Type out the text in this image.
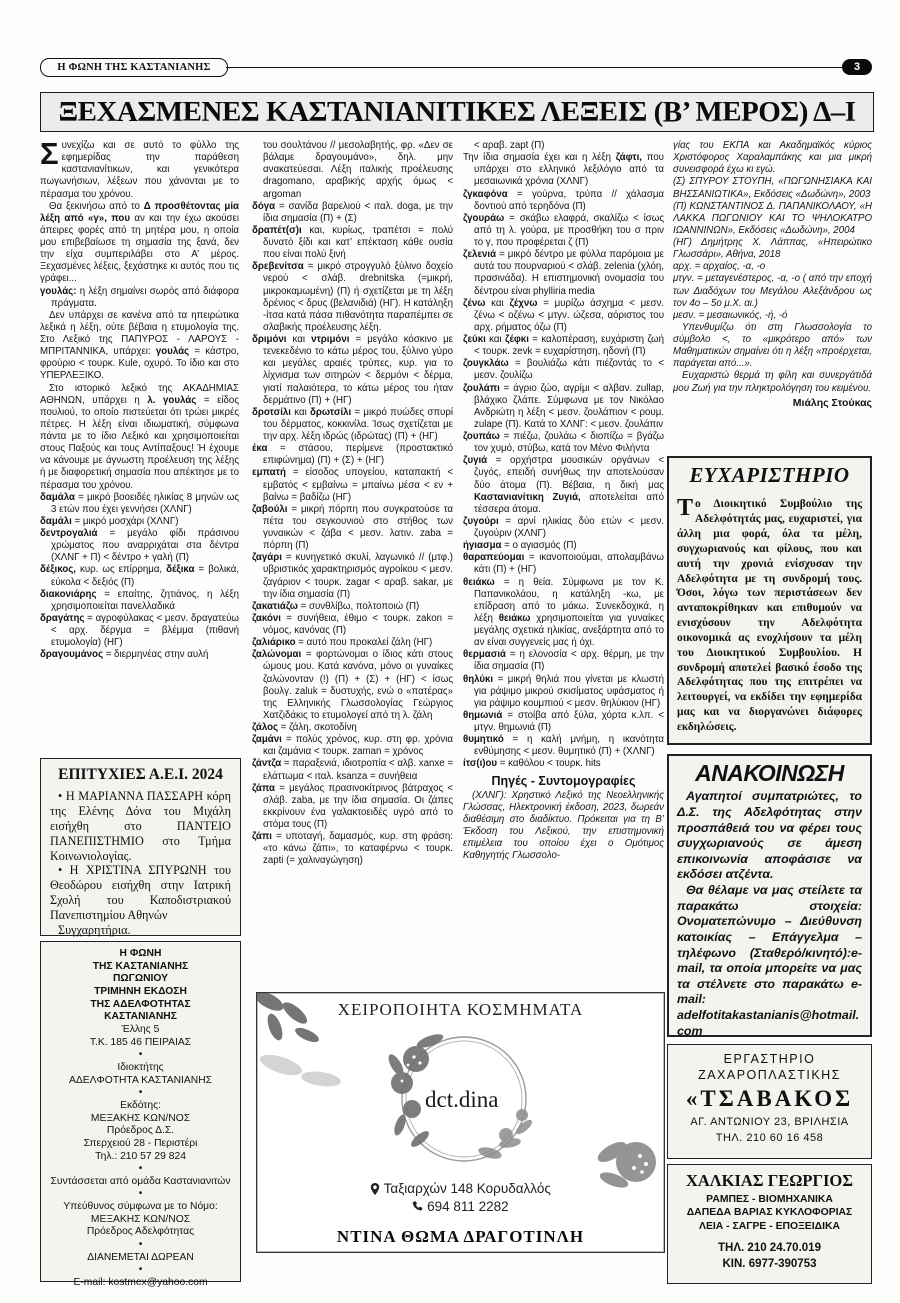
Η ΦΩΝΗ ΤΗΣ ΚΑΣΤΑΝΙΑΝΗΣ	3
ΞΕΧΑΣΜΕΝΕΣ ΚΑΣΤΑΝΙΑΝΙΤΙΚΕΣ ΛΕΞΕΙΣ (Β’ ΜΕΡΟΣ) Δ–Ι

Συνεχίζω και σε αυτό το φύλλο της εφημερίδας την παράθεση καστανιανίτικων, και γενικότερα πωγωνήσιων, λέξεων που χάνονται με το πέρασμα του χρόνου.

Θα ξεκινήσω από το Δ προσθέτοντας μία λέξη από «γ», που αν και την έχω ακούσει άπειρες φορές από τη μητέρα μου, η οποία μου επιβεβαίωσε τη σημασία της ξανά, δεν την είχα συμπεριλάβει στο Α’ μέρος. Ξεχασμένες λέξεις, ξεχάστηκε κι αυτός που τις γράφει...

γουλάς: η λέξη σημαίνει σωρός από διάφορα πράγματα.

Δεν υπάρχει σε κανένα από τα ηπειρώτικα λεξικά η λέξη, ούτε βέβαια η ετυμολογία της. Στο Λεξικό της ΠΑΠΥΡΟΣ - ΛΑΡΟΥΣ - ΜΠΡΙΤΑΝΝΙΚΑ, υπάρχει: γουλάς = κάστρο, φρούριο < τουρκ. Kule, οχυρό. Το ίδιο και στο ΥΠΕΡΛΕΞΙΚΟ.

Στο ιστορικό λεξικό της ΑΚΑΔΗΜΙΑΣ ΑΘΗΝΩΝ, υπάρχει η λ. γουλάς = είδος πουλιού, το οποίο πιστεύεται ότι τρώει μικρές πέτρες. Η λέξη είναι ιδιωματική, σύμφωνα πάντα με το ίδιο Λεξικό και χρησιμοποιείται στους Παξούς και τους Αντίπαξους! Ή έχουμε να κάνουμε με άγνωστη προέλευση της λέξης ή με διαφορετική σημασία που απέκτησε με το πέρασμα του χρόνου.

δαμάλα = μικρό βοοειδές ηλικίας 8 μηνών ως 3 ετών που έχει γεννήσει (ΧΛΝΓ)

δαμάλι = μικρό μοσχάρι (ΧΛΝΓ)

δεντρογαλιά = μεγάλο φίδι πράσινου χρώματος που αναρριχάται στα δέντρα (ΧΛΝΓ + Π) < δέντρο + γαλή (Π)

δέξικος, κυρ. ως επίρρημα, δέξικα = βολικά, εύκολα < δεξιός (Π)

διακονιάρης = επαίτης, ζητιάνος, η λέξη χρησιμοποιείται πανελλαδικά

δραγάτης = αγροφύλακας < μεσν. δραγατεύω < αρχ. δέργμα = βλέμμα (πιθανή ετυμολογία) (ΗΓ)

δραγουμάνος = διερμηνέας στην αυλή

του σουλτάνου // μεσολαβητής, φρ. «Δεν σε βάλαμε δραγουμάνο», δηλ. μην ανακατεύεσαι. Λέξη ιταλικής προέλευσης dragomano, αραβικής αρχής όμως < argoman

δόγα = σανίδα βαρελιού < ιταλ. doga, με την ίδια σημασία (Π) + (Σ)

δραπέτ(σ)ι και, κυρίως, τραπέτσι = πολύ δυνατό ξίδι και κατ’ επέκταση κάθε ουσία που είναι πολύ ξινή

δρεβενίτσα = μικρό στρογγυλό ξύλινο δοχείο νερού < σλάβ. drebnitska (=μικρή, μικροκαμωμένη) (Π) ή σχετίζεται με τη λέξη δρένιος < δρυς (βελανιδιά) (ΗΓ). Η κατάληξη -ίτσα κατά πάσα πιθανότητα παραπέμπει σε σλαβικής προέλευσης λέξη.

δριμόνι και ντριμόνι = μεγάλο κόσκινο με τενεκεδένιο το κάτω μέρος του, ξύλινο γύρο και μεγάλες αραιές τρύπες, κυρ. για το λίχνισμα των σιτηρών < δερμόνι < δέρμα, γιατί παλαιότερα, το κάτω μέρος του ήταν δερμάτινο (Π) + (ΗΓ)

δροτσίλι και δρωτσίλι = μικρό πυώδες σπυρί του δέρματος, κοκκινίλα. Ίσως σχετίζεται με την αρχ. λέξη ιδρώς (ιδρώτας) (Π) + (ΗΓ)

έκα = στάσου, περίμενε (προστακτικό επιφώνημα) (Π) + (Σ) + (ΗΓ)

εμπατή = είσοδος υπογείου, καταπακτή < εμβατός < εμβαίνω = μπαίνω μέσα < εν + βαίνω = βαδίζω (ΗΓ)

ζαβούλι = μικρή πόρπη που συγκρατούσε τα πέτα του σεγκουνιού στο στήθος των γυναικών < ζάβα < μεσν. λατιν. zaba = πόρπη (Π)

ζαγάρι = κυνηγετικό σκυλί, λαγωνικό // (μτφ.) υβριστικός χαρακτηρισμός αγροίκου < μεσν. ζαγάριον < τουρκ. zagar < αραβ. sakar, με την ίδια σημασία (Π)

ζακατιάζω = συνθλίβω, πολτοποιώ (Π)

ζακόνι = συνήθεια, έθιμο < τουρκ. zakon = νόμος, κανόνας (Π)

ζαλιάρικο = αυτό που προκαλεί ζάλη (ΗΓ)

ζαλώνομαι = φορτώνομαι ο ίδιος κάτι στους ώμους μου. Κατά κανόνα, μόνο οι γυναίκες ζαλώνονταν (!) (Π) + (Σ) + (ΗΓ) < ίσως βουλγ. zaluk = δυστυχής, ενώ ο «πατέρας» της Ελληνικής Γλωσσολογίας Γεώργιος Χατζιδάκις το ετυμολογεί από τη λ. ζάλη

ζάλος = ζάλη, σκοτοδίνη

ζαμάνι = πολύς χρόνος, κυρ. στη φρ. χρόνια και ζαμάνια < τουρκ. zaman = χρόνος

ζάντζα = παραξενιά, ιδιοτροπία < αλβ. xanxe = ελάττωμα < ιταλ. ksanza = συνήθεια

ζάπα = μεγάλος πρασινοκίτρινος βάτραχος < σλάβ. zaba, με την ίδια σημασία. Οι ζάπες εκκρίνουν ένα γαλακτοειδές υγρό από το στόμα τους (Π)

ζάπι = υποταγή, δαμασμός, κυρ. στη φράση: «το κάνω ζάπι», το καταφέρνω < τουρκ. zapti (= χαλιναγώγηση)

< αραβ. zapt (Π)

Την ίδια σημασία έχει και η λέξη ζάφτι, που υπάρχει στο ελληνικό λεξιλόγιο από τα μεσαιωνικά χρόνια (ΧΛΝΓ)

ζγκαφόνα = γούρνα, τρύπα // χάλασμα δοντιού από τερηδόνα (Π)

ζγουράω = σκάβω ελαφρά, σκαλίζω < ίσως από τη λ. γούρα, με προσθήκη του σ πριν το γ, που προφέρεται ζ (Π)

ζελενιά = μικρό δέντρο με φύλλα παρόμοια με αυτά του πουρναριού < σλάβ. zelenia (χλόη, πρασινάδα). Η επιστημονική ονομασία του δέντρου είναι phylliria media

ζένω και ζέχνω = μυρίζω άσχημα < μεσν. ζένω < οζένω < μτγν. ώζεσα, αόριστος του αρχ. ρήματος όζω (Π)

ζεύκι και ζέφκι = καλοπέραση, ευχάριστη ζωή < τουρκ. zevk = ευχαρίστηση, ηδονή (Π)

ζουγκλάω = βουλιάζω κάτι πιέζοντάς το < μεσν. ζουλίζω

ζουλάπι = άγριο ζώο, αγρίμι < αλβαν. zullap, βλάχικο ζλάπε. Σύμφωνα με τον Νικόλαο Ανδριώτη η λέξη < μεσν. ζουλάπιον < ρουμ. zulape (Π). Κατά το ΧΛΝΓ: < μεσν. ζουλάπιν

ζουπάω = πιέζω, ζουλάω < διοπίζω = βγάζω τον χυμό, στύβω, κατά τον Μένο Φιλήντα

ζυγιά = ορχήστρα μουσικών οργάνων < ζυγός, επειδή συνήθως την αποτελούσαν δύο άτομα (Π). Βέβαια, η δική μας Καστανιανίτικη Ζυγιά, αποτελείται από τέσσερα άτομα.

ζυγούρι = αρνί ηλικίας δύο ετών < μεσν. ζυγούριν (ΧΛΝΓ)

ήγιασμα = ο αγιασμός (Π)

θαραπεύομαι = ικανοποιούμαι, απολαμβάνω κάτι (Π) + (ΗΓ)

θειάκω = η θεία. Σύμφωνα με τον Κ. Παπανικολάου, η κατάληξη -κω, με επίδραση από το μάκω. Συνεκδοχικά, η λέξη θειάκω χρησιμοποιείται για γυναίκες μεγάλης σχετικά ηλικίας, ανεξάρτητα από το αν είναι συγγενείς μας ή όχι.

θερμασιά = η ελονοσία < αρχ. θέρμη, με την ίδια σημασία (Π)

θηλύκι = μικρή θηλιά που γίνεται με κλωστή για ράψιμο μικρού σκισίματος υφάσματος ή για ράψιμο κουμπιού < μεσν. θηλύκιον (ΗΓ)

θημωνιά = στοίβα από ξύλα, χόρτα κ.λπ. < μτγν. θημωνιά (Π)

θυμητικό = η καλή μνήμη, η ικανότητα ενθύμησης < μεσν. θυμητικό (Π) + (ΧΛΝΓ)

ίτσ(ι)ου = καθόλου < τουρκ. hits

Πηγές - Συντομογραφίες

(ΧΛΝΓ): Χρηστικό Λεξικό της Νεοελληνικής Γλώσσας, Ηλεκτρονική έκδοση, 2023, δωρεάν διαθέσιμη στο διαδίκτυο. Πρόκειται για τη Β’ Έκδοση του Λεξικού, την επιστημονική επιμέλεια του οποίου έχει ο Ομότιμος Καθηγητής Γλωσσολο-

γίας του ΕΚΠΑ και Ακαδημαϊκός κύριος Χριστόφορος Χαραλαμπάκης και μια μικρή συνεισφορά έχω κι εγώ.

(Σ) ΣΠΥΡΟΥ ΣΤΟΥΠΗ, «ΠΩΓΩΝΗΣΙΑΚΑ ΚΑΙ ΒΗΣΣΑΝΙΩΤΙΚΑ», Εκδόσεις «Δωδώνη», 2003

(Π) ΚΩΝΣΤΑΝΤΙΝΟΣ Δ. ΠΑΠΑΝΙΚΟΛΑΟΥ, «Η ΛΑΚΚΑ ΠΩΓΩΝΙΟΥ ΚΑΙ ΤΟ ΨΗΛΟΚΑΤΡΟ ΙΩΑΝΝΙΝΩΝ», Εκδόσεις «Δωδώνη», 2004

(ΗΓ) Δημήτρης Χ. Λάππας, «Ηπειρώτικο Γλωσσάρι», Αθήνα, 2018

αρχ. = αρχαίος, -α, -ο

μτγν. = μεταγενέστερος, -α, -ο ( από την εποχή των Διαδόχων του Μεγάλου Αλεξάνδρου ως τον 4ο – 5ο μ.Χ. αι.)

μεσν. = μεσαιωνικός, -ή, -ό

Υπενθυμίζω ότι στη Γλωσσολογία το σύμβολο <, το «μικρότερο από» των Μαθηματικών σημαίνει ότι η λέξη «προέρχεται, παράγεται από...».

Ευχαριστώ θερμά τη φίλη και συνεργάτιδά μου Ζωή για την πληκτρολόγηση του κειμένου.

Μιάλης Στούκας

ΕΠΙΤΥΧΙΕΣ Α.Ε.Ι. 2024

• Η ΜΑΡΙΑΝΝΑ ΠΑΣΣΑΡΗ κόρη της Ελένης Δόνα του Μιχάλη εισήχθη στο ΠΑΝΤΕΙΟ ΠΑΝΕΠΙΣΤΗΜΙΟ στο Τμήμα Κοινωνιολογίας.

• Η ΧΡΙΣΤΙΝΑ ΣΠΥΡΩΝΗ του Θεοδώρου εισήχθη στην Ιατρική Σχολή του Καποδιστριακού Πανεπιστημίου Αθηνών

Συγχαρητήρια.

Η ΦΩΝΗ

ΤΗΣ ΚΑΣΤΑΝΙΑΝΗΣ

ΠΩΓΩΝΙΟΥ

ΤΡΙΜΗΝΗ ΕΚΔΟΣΗ

ΤΗΣ ΑΔΕΛΦΟΤΗΤΑΣ

ΚΑΣΤΑΝΙΑΝΗΣ

Έλλης 5

Τ.Κ. 185 46 ΠΕΙΡΑΙΑΣ

•

Ιδιοκτήτης

ΑΔΕΛΦΟΤΗΤΑ ΚΑΣΤΑΝΙΑΝΗΣ

•

Εκδότης:

ΜΕΞΑΚΗΣ ΚΩΝ/ΝΟΣ

Πρόεδρος Δ.Σ.

Σπερχειού 28 - Περιστέρι

Τηλ.: 210 57 29 824

•

Συντάσσεται από ομάδα Καστανιανιτών

•

Υπεύθυνος σύμφωνα με το Νόμο:

ΜΕΞΑΚΗΣ ΚΩΝ/ΝΟΣ

Πρόεδρος Αδελφότητας

•

ΔΙΑΝΕΜΕΤΑΙ ΔΩΡΕΑΝ

•

E-mail: kostmex@yahoo.com

ΧΕΙΡΟΠΟΙΗΤΑ ΚΟΣΜΗΜΑΤΑ
dct.dina
Ταξιαρχών 148 Κορυδαλλός
694 811 2282
ΝΤΙΝΑ ΘΩΜΑ ΔΡΑΓΟΤΙΝΛΗ
ΕΥΧΑΡΙΣΤΗΡΙΟ

Το Διοικητικό Συμβούλιο της Αδελφότητάς μας, ευχαριστεί, για άλλη μια φορά, όλα τα μέλη, συγχωριανούς και φίλους, που και αυτή την χρονιά ενίσχυσαν την Αδελφότητα με τη συνδρομή τους. Όσοι, λόγω των περιστάσεων δεν ανταποκρίθηκαν και επιθυμούν να ενισχύσουν την Αδελφότητα οικονομικά ας ενοχλήσουν τα μέλη του Διοικητικού Συμβουλίου. Η συνδρομή αποτελεί βασικό έσοδο της Αδελφότητας που της επιτρέπει να λειτουργεί, να εκδίδει την εφημερίδα μας και να διοργανώνει διάφορες εκδηλώσεις.

ΑΝΑΚΟΙΝΩΣΗ

Αγαπητοί συμπατριώτες, το Δ.Σ. της Αδελφότητας στην προσπάθειά του να φέρει τους συγχωριανούς σε άμεση επικοινωνία αποφάσισε να εκδόσει ατζέντα.

Θα θέλαμε να μας στείλετε τα παρακάτω στοιχεία: Ονοματεπώνυμο – Διεύθυνση κατοικίας – Επάγγελμα – τηλέφωνο (Σταθερό/κινητό):e-mail, τα οποία μπορείτε να μας τα στέλνετε στο παρακάτω e-mail:

adelfotitakastanianis@hotmail.com

ΕΡΓΑΣΤΗΡΙΟ

ΖΑΧΑΡΟΠΛΑΣΤΙΚΗΣ

«ΤΣΑΒΑΚΟΣ

ΑΓ. ΑΝΤΩΝΙΟΥ 23, ΒΡΙΛΗΣΙΑ

ΤΗΛ. 210 60 16 458

ΧΑΛΚΙΑΣ ΓΕΩΡΓΙΟΣ

ΡΑΜΠΕΣ - ΒΙΟΜΗΧΑΝΙΚΑ

ΔΑΠΕΔΑ ΒΑΡΙΑΣ ΚΥΚΛΟΦΟΡΙΑΣ

ΛΕΙΑ - ΣΑΓΡΕ - ΕΠΟΞΕΙΔΙΚΑ

ΤΗΛ. 210 24.70.019

ΚΙΝ. 6977-390753
